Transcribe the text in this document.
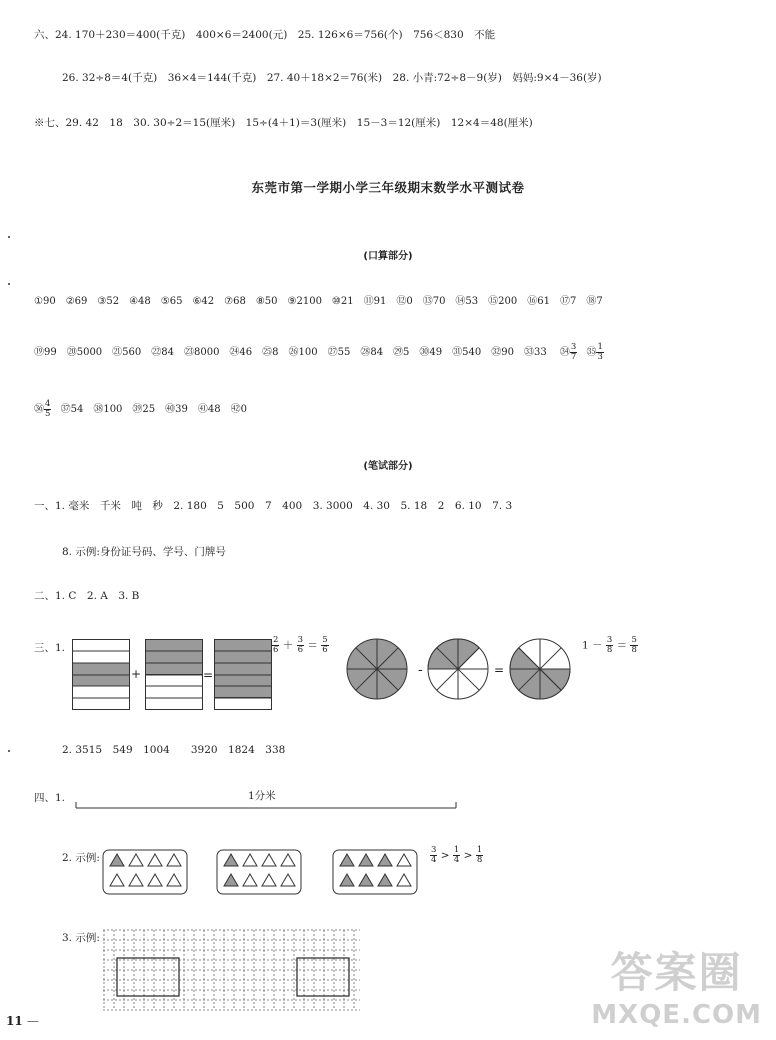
六、24. 170＋230＝400(千克)　400×6＝2400(元)　25. 126×6＝756(个)　756＜830　不能
26. 32÷8＝4(千克)　36×4＝144(千克)　27. 40＋18×2＝76(米)　28. 小青:72÷8－9(岁)　妈妈:9×4－36(岁)
※七、29. 42　18　30. 30÷2＝15(厘米)　15÷(4＋1)＝3(厘米)　15－3＝12(厘米)　12×4＝48(厘米)
东莞市第一学期小学三年级期末数学水平测试卷
(口算部分)
①90　②69　③52　④48　⑤65　⑥42　⑦68　⑧50　⑨2100　⑩21　⑪91　⑫0　⑬70　⑭53　⑮200　⑯61　⑰7　⑱7
⑲99　⑳5000　㉑560　㉒84　㉓8000　㉔46　㉕8　㉖100　㉗55　㉘84　㉙5　㉚49　㉛540　㉜90　㉝33　 ㉞ $\frac{3}{7}$ ㉟ $\frac{1}{3}$
㊱ $\frac{4}{5}$ ㊲54　㊳100　㊴25　㊵39　㊶48　㊷0
(笔试部分)
一、1. 毫米　千米　吨　秒　2. 180　5　500　7　400　3. 3000　4. 30　5. 18　2　6. 10　7. 3
8. 示例:身份证号码、学号、门牌号
二、1. C　2. A　3. B
三、1.
+	=
$\frac{2}{6} + \frac{3}{6} = \frac{5}{6}$
-	=
$1 - \frac{3}{8} = \frac{5}{8}$
2. 3515　549　1004　　3920　1824　338
四、1.	1分米
2. 示例:	$\frac{3}{4} > \frac{1}{4} > \frac{1}{8}$
3. 示例:
11 —
答案圈
MXQE.COM
